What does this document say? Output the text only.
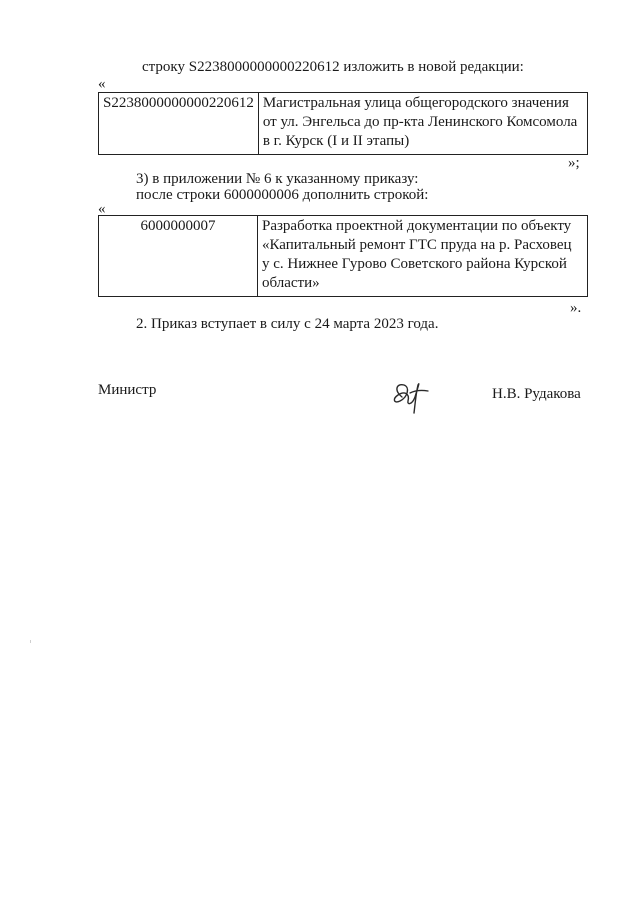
строку S2238000000000220612 изложить в новой редакции:
«
S2238000000000220612	Магистральная улица общегородского значения
от ул. Энгельса до пр-кта Ленинского Комсомола
в г. Курск (I и II этапы)
»;
3) в приложении № 6 к указанному приказу:
после строки 6000000006 дополнить строкой:
«
6000000007	Разработка проектной документации по объекту
«Капитальный ремонт ГТС пруда на р. Расховец
у с. Нижнее Гурово Советского района Курской
области»
».
2. Приказ вступает в силу с 24 марта 2023 года.
Министр	Н.В. Рудакова
